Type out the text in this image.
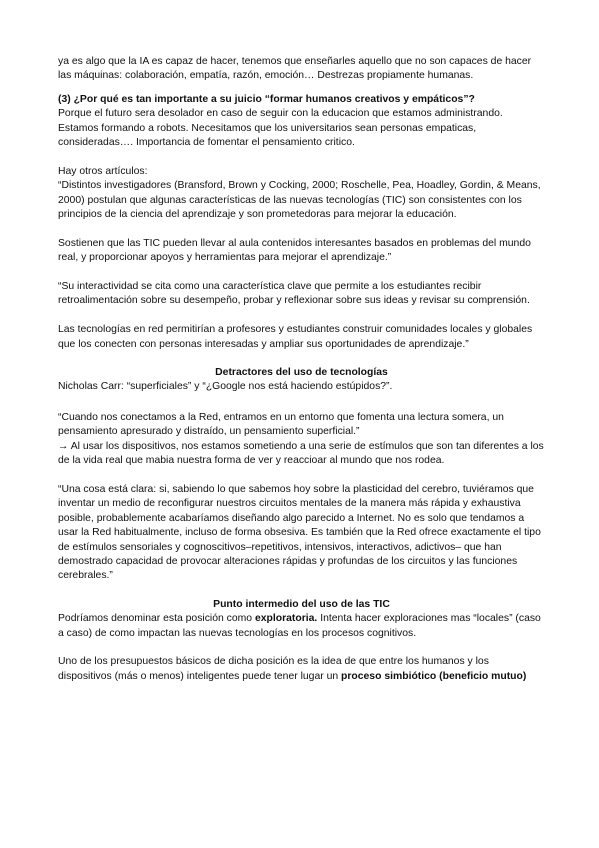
ya es algo que la IA es capaz de hacer, tenemos que enseñarles aquello que no son capaces de hacer las máquinas: colaboración, empatía, razón, emoción… Destrezas propiamente humanas.

(3) ¿Por qué es tan importante a su juicio “formar humanos creativos y empáticos”?

Porque el futuro sera desolador en caso de seguir con la educacion que estamos administrando. Estamos formando a robots. Necesitamos que los universitarios sean personas empaticas, consideradas…. Importancia de fomentar el pensamiento critico.

Hay otros artículos:

“Distintos investigadores (Bransford, Brown y Cocking, 2000; Roschelle, Pea, Hoadley, Gordin, & Means, 2000) postulan que algunas características de las nuevas tecnologías (TIC) son consistentes con los principios de la ciencia del aprendizaje y son prometedoras para mejorar la educación.

Sostienen que las TIC pueden llevar al aula contenidos interesantes basados en problemas del mundo real, y proporcionar apoyos y herramientas para mejorar el aprendizaje.”

“Su interactividad se cita como una característica clave que permite a los estudiantes recibir retroalimentación sobre su desempeño, probar y reflexionar sobre sus ideas y revisar su comprensión.

Las tecnologías en red permitirían a profesores y estudiantes construir comunidades locales y globales que los conecten con personas interesadas y ampliar sus oportunidades de aprendizaje.”

Detractores del uso de tecnologías

Nicholas Carr: “superficiales” y “¿Google nos está haciendo estúpidos?”.

“Cuando nos conectamos a la Red, entramos en un entorno que fomenta una lectura somera, un pensamiento apresurado y distraído, un pensamiento superficial.”

→ Al usar los dispositivos, nos estamos sometiendo a una serie de estímulos que son tan diferentes a los de la vida real que mabia nuestra forma de ver y reaccioar al mundo que nos rodea.

“Una cosa está clara: si, sabiendo lo que sabemos hoy sobre la plasticidad del cerebro, tuviéramos que inventar un medio de reconfigurar nuestros circuitos mentales de la manera más rápida y exhaustiva posible, probablemente acabaríamos diseñando algo parecido a Internet. No es solo que tendamos a usar la Red habitualmente, incluso de forma obsesiva. Es también que la Red ofrece exactamente el tipo de estímulos sensoriales y cognoscitivos–repetitivos, intensivos, interactivos, adictivos– que han demostrado capacidad de provocar alteraciones rápidas y profundas de los circuitos y las funciones cerebrales.”

Punto intermedio del uso de las TIC

Podríamos denominar esta posición como exploratoria. Intenta hacer exploraciones mas “locales” (caso a caso) de como impactan las nuevas tecnologías en los procesos cognitivos.

Uno de los presupuestos básicos de dicha posición es la idea de que entre los humanos y los dispositivos (más o menos) inteligentes puede tener lugar un proceso simbiótico (beneficio mutuo)
